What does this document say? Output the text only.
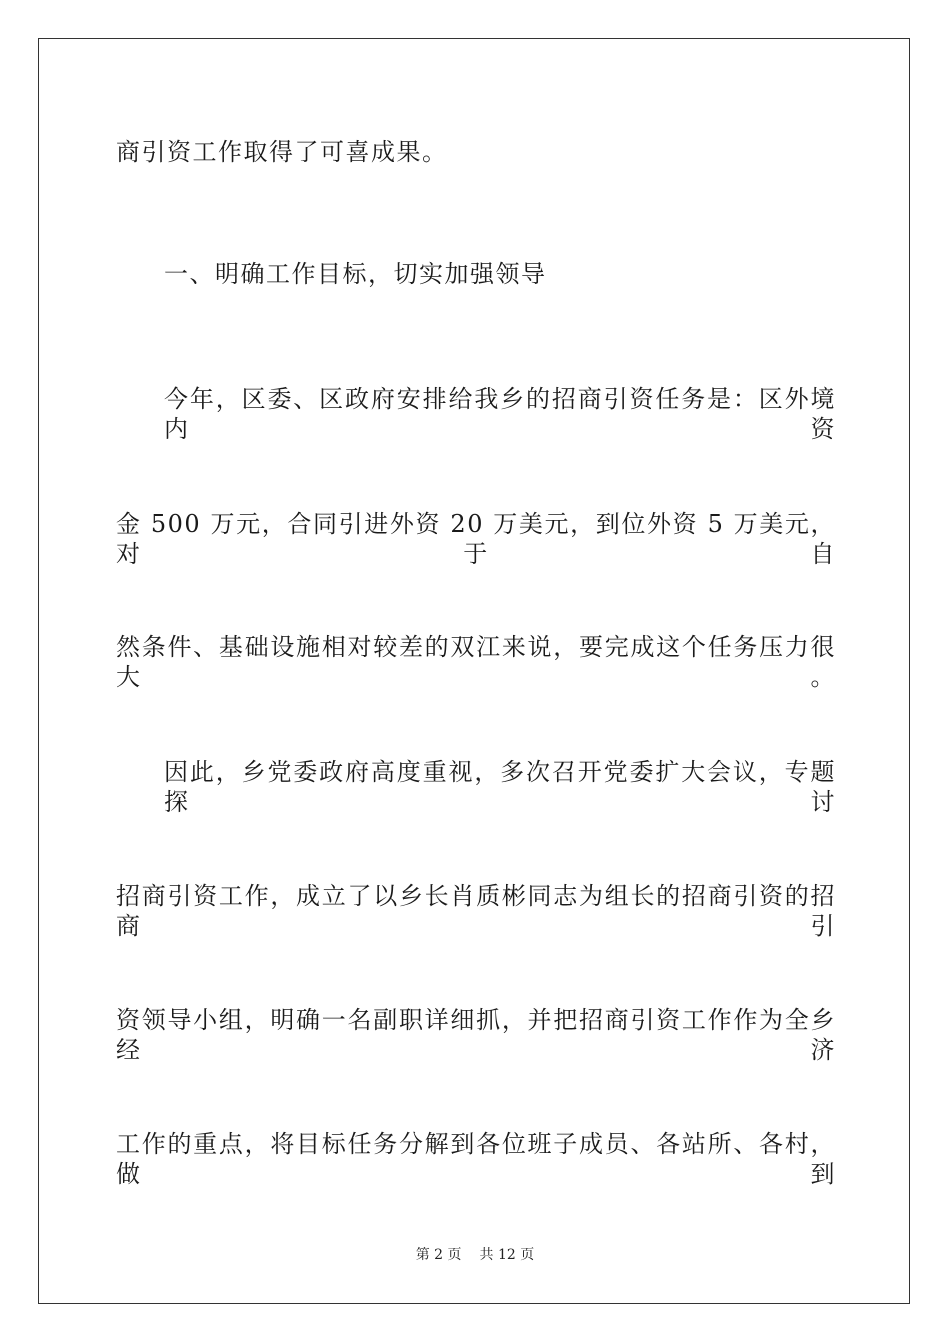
商引资工作取得了可喜成果。
一、明确工作目标，切实加强领导
今年，区委、区政府安排给我乡的招商引资任务是：区外境内资
金 500 万元，合同引进外资 20 万美元，到位外资 5 万美元，对于自
然条件、基础设施相对较差的双江来说，要完成这个任务压力很大。
因此，乡党委政府高度重视，多次召开党委扩大会议，专题探讨
招商引资工作，成立了以乡长肖质彬同志为组长的招商引资的招商引
资领导小组，明确一名副职详细抓，并把招商引资工作作为全乡经济
工作的重点，将目标任务分解到各位班子成员、各站所、各村，做到
第 2 页 共 12 页
